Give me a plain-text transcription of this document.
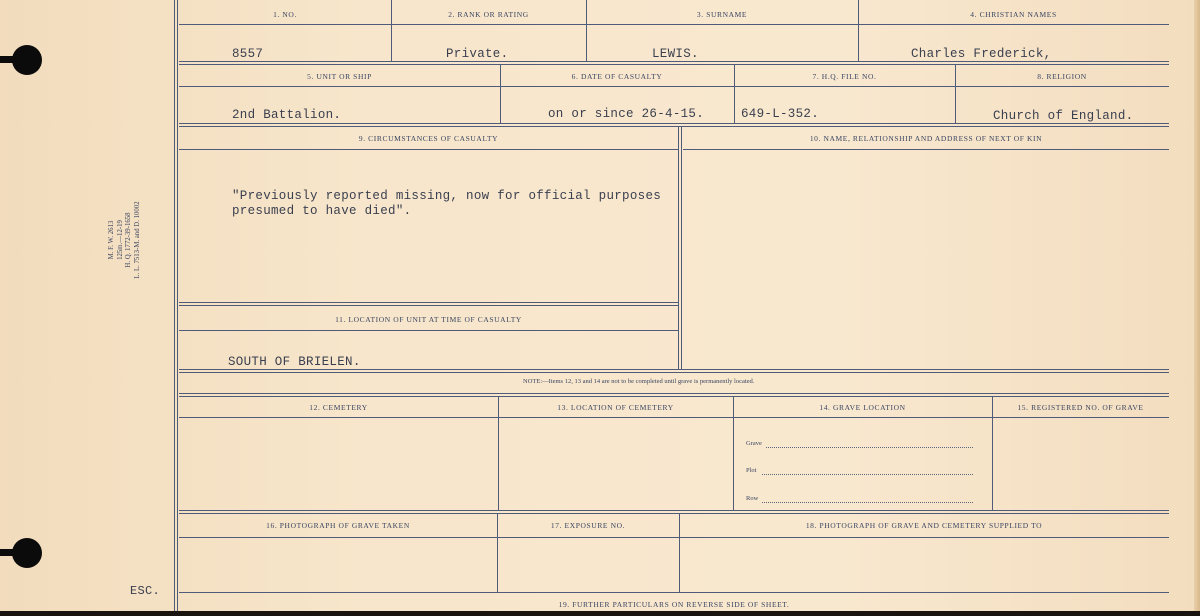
M. F. W. 2613 125m.—12-19 H. Q. 1772-39-1658 L. L. 7513-M. and D. 10002
1. NO.	2. RANK OR RATING	3. SURNAME	4. CHRISTIAN NAMES
8557	Private.	LEWIS.	Charles Frederick,
5. UNIT OR SHIP	6. DATE OF CASUALTY	7. H.Q. FILE NO.	8. RELIGION
2nd Battalion.	on or since 26-4-15.	649-L-352.	Church of England.
9. CIRCUMSTANCES OF CASUALTY	10. NAME, RELATIONSHIP AND ADDRESS OF NEXT OF KIN
"Previously reported missing, now for official purposes
presumed to have died".
11. LOCATION OF UNIT AT TIME OF CASUALTY
SOUTH OF BRIELEN.
NOTE:—Items 12, 13 and 14 are not to be completed until grave is permanently located.
12. CEMETERY	13. LOCATION OF CEMETERY	14. GRAVE LOCATION	15. REGISTERED NO. OF GRAVE
Grave
Plot
Row
16. PHOTOGRAPH OF GRAVE TAKEN	17. EXPOSURE NO.	18. PHOTOGRAPH OF GRAVE AND CEMETERY SUPPLIED TO
19. FURTHER PARTICULARS ON REVERSE SIDE OF SHEET.
ESC.
